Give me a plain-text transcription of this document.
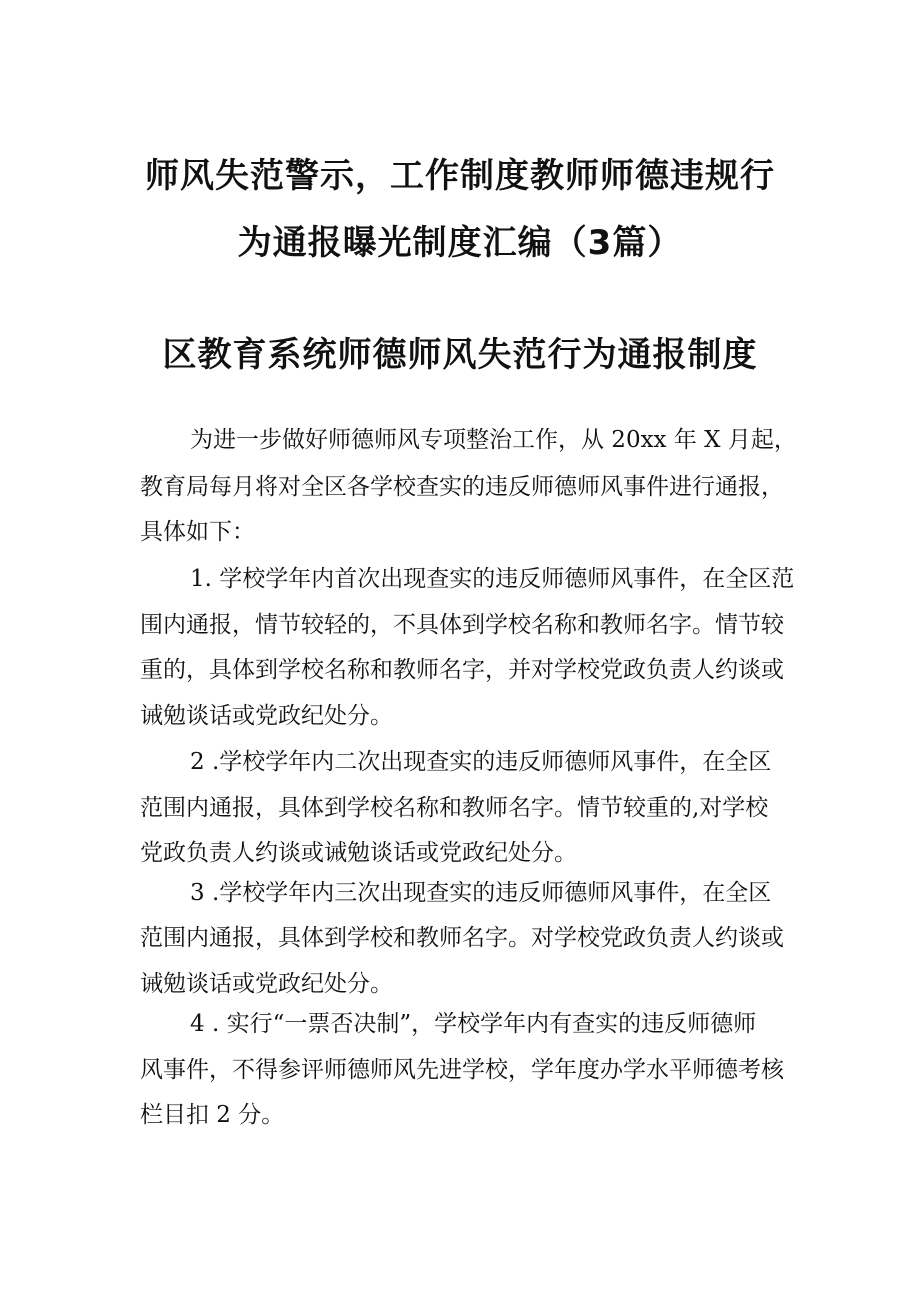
师风失范警示，工作制度教师师德违规行
为通报曝光制度汇编（3篇）
区教育系统师德师风失范行为通报制度

为进一步做好师德师风专项整治工作，从 20xx 年 X 月起，

教育局每月将对全区各学校查实的违反师德师风事件进行通报，

具体如下：

1. 学校学年内首次出现查实的违反师德师风事件，在全区范

围内通报，情节较轻的，不具体到学校名称和教师名字。情节较

重的，具体到学校名称和教师名字，并对学校党政负责人约谈或

诫勉谈话或党政纪处分。

2 .学校学年内二次出现查实的违反师德师风事件，在全区

范围内通报，具体到学校名称和教师名字。情节较重的,对学校

党政负责人约谈或诫勉谈话或党政纪处分。

3 .学校学年内三次出现查实的违反师德师风事件，在全区

范围内通报，具体到学校和教师名字。对学校党政负责人约谈或

诫勉谈话或党政纪处分。

4 . 实行“一票否决制”，学校学年内有查实的违反师德师

风事件，不得参评师德师风先进学校，学年度办学水平师德考核

栏目扣 2 分。
